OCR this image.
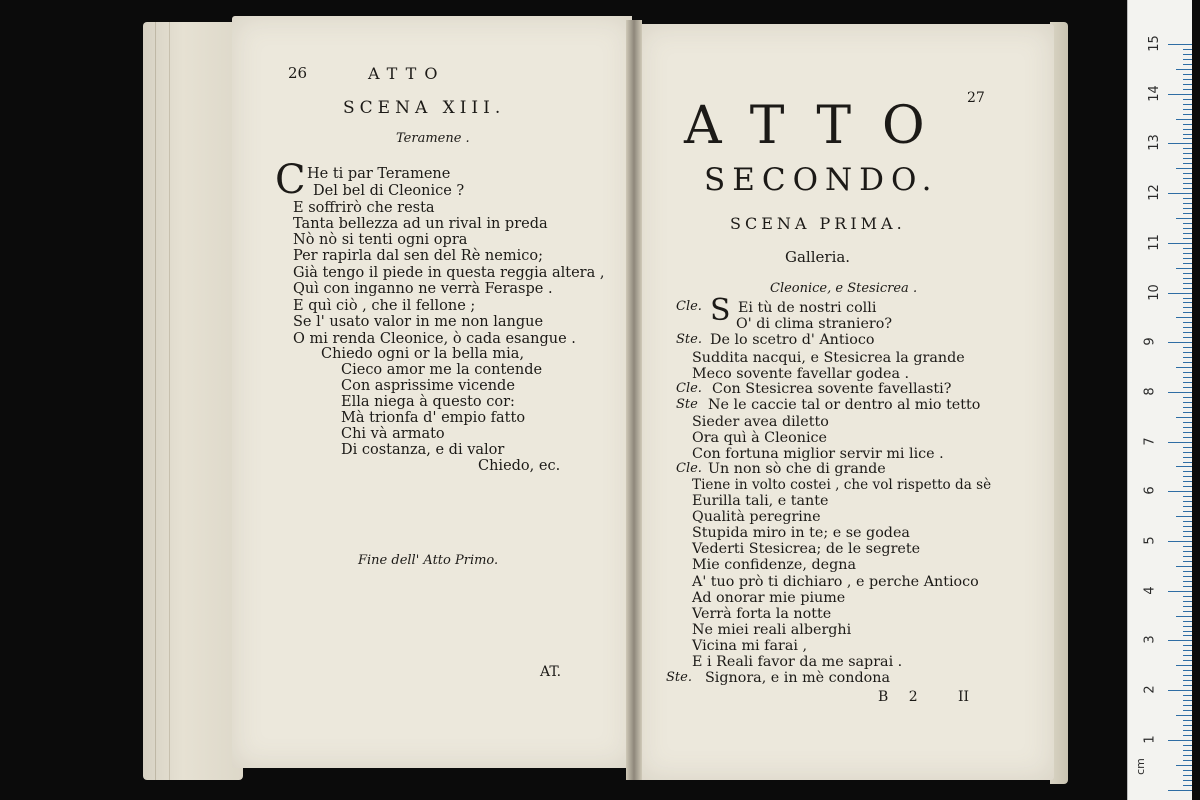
26	ATTO
SCENA XIII.
Teramene .
C He ti par Teramene
Del bel di Cleonice ?
E soffrirò che resta
Tanta bellezza ad un rival in preda
Nò nò si tenti ogni opra
Per rapirla dal sen del Rè nemico;
Già tengo il piede in questa reggia altera ,
Quì con inganno ne verrà Feraspe .
E quì ciò , che il fellone ;
Se l' usato valor in me non langue
O mi renda Cleonice, ò cada esangue .
Chiedo ogni or la bella mia,
Cieco amor me la contende
Con asprissime vicende
Ella niega à questo cor:
Mà trionfa d' empio fatto
Chi và armato
Di costanza, e di valor
Chiedo, ec.
Fine dell' Atto Primo.
AT.
27
ATTO
SECONDO.
SCENA PRIMA.
Galleria.
Cleonice, e Stesicrea .
S
Cle.	Ei tù de nostri colli
O' di clima straniero?
Ste. De lo scetro d' Antioco
Suddita nacqui, e Stesicrea la grande
Meco sovente favellar godea .
Cle. Con Stesicrea sovente favellasti?
Ste Ne le caccie tal or dentro al mio tetto
Sieder avea diletto
Ora quì à Cleonice
Con fortuna miglior servir mi lice .
Cle. Un non sò che di grande
Tiene in volto costei , che vol rispetto da sè
Eurilla tali, e tante
Qualità peregrine
Stupida miro in te; e se godea
Vederti Stesicrea; de le segrete
Mie confidenze, degna
A' tuo prò ti dichiaro , e perche Antioco
Ad onorar mie piume
Verrà forta la notte
Ne miei reali alberghi
Vicina mi farai ,
E i Reali favor da me saprai .
Ste. Signora, e in mè condona
B 2 II
cm
15
14
13
12
11
10
9
8
7
6
5
4
3
2
1
